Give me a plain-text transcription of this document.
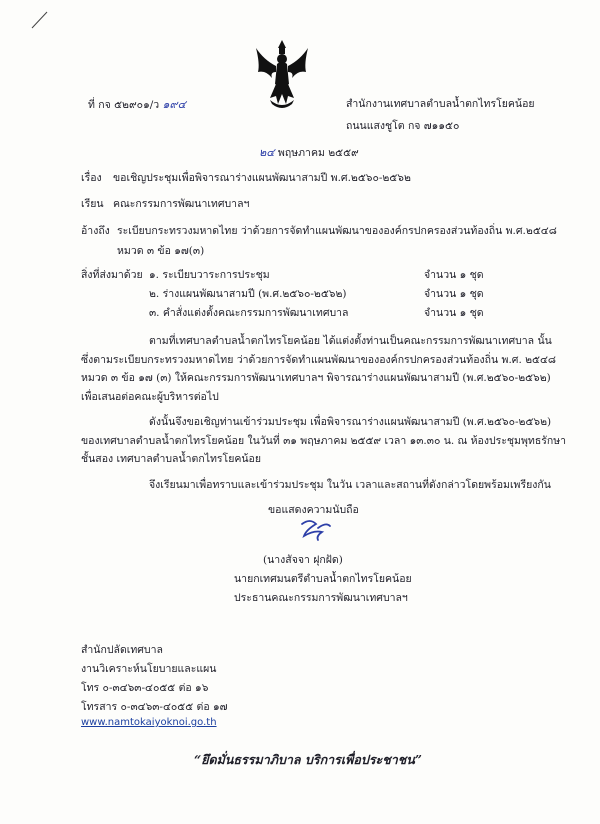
ที่ กจ ๕๒๙๐๑/ว ๑๙๔	สำนักงานเทศบาลตำบลน้ำตกไทรโยคน้อย
ถนนแสงชูโต กจ ๗๑๑๕๐
๒๔ พฤษภาคม ๒๕๕๙
เรื่อง	ขอเชิญประชุมเพื่อพิจารณาร่างแผนพัฒนาสามปี พ.ศ.๒๕๖๐-๒๕๖๒
เรียน คณะกรรมการพัฒนาเทศบาลฯ
อ้างถึง ระเบียบกระทรวงมหาดไทย ว่าด้วยการจัดทำแผนพัฒนาขององค์กรปกครองส่วนท้องถิ่น พ.ศ.๒๕๔๘
หมวด ๓ ข้อ ๑๗(๓)
สิ่งที่ส่งมาด้วย ๑. ระเบียบวาระการประชุม	จำนวน ๑ ชุด
๒. ร่างแผนพัฒนาสามปี (พ.ศ.๒๕๖๐-๒๕๖๒)	จำนวน ๑ ชุด
๓. คำสั่งแต่งตั้งคณะกรรมการพัฒนาเทศบาล	จำนวน ๑ ชุด
ตามที่เทศบาลตำบลน้ำตกไทรโยคน้อย ได้แต่งตั้งท่านเป็นคณะกรรมการพัฒนาเทศบาล นั้น
ซึ่งตามระเบียบกระทรวงมหาดไทย ว่าด้วยการจัดทำแผนพัฒนาขององค์กรปกครองส่วนท้องถิ่น พ.ศ. ๒๕๔๘
หมวด ๓ ข้อ ๑๗ (๓) ให้คณะกรรมการพัฒนาเทศบาลฯ พิจารณาร่างแผนพัฒนาสามปี (พ.ศ.๒๕๖๐-๒๕๖๒)
เพื่อเสนอต่อคณะผู้บริหารต่อไป
ดังนั้นจึงขอเชิญท่านเข้าร่วมประชุม เพื่อพิจารณาร่างแผนพัฒนาสามปี (พ.ศ.๒๕๖๐-๒๕๖๒)
ของเทศบาลตำบลน้ำตกไทรโยคน้อย ในวันที่ ๓๑ พฤษภาคม ๒๕๕๙ เวลา ๑๓.๓๐ น. ณ ห้องประชุมพุทธรักษา
ชั้นสอง เทศบาลตำบลน้ำตกไทรโยคน้อย
จึงเรียนมาเพื่อทราบและเข้าร่วมประชุม ในวัน เวลาและสถานที่ดังกล่าวโดยพร้อมเพรียงกัน
ขอแสดงความนับถือ
(นางสัจจา ฝุกฝัด)
นายกเทศมนตรีตำบลน้ำตกไทรโยคน้อย
ประธานคณะกรรมการพัฒนาเทศบาลฯ
สำนักปลัดเทศบาล
งานวิเคราะห์นโยบายและแผน
โทร ๐-๓๔๖๓-๔๐๕๕ ต่อ ๑๖
โทรสาร ๐-๓๔๖๓-๔๐๕๕ ต่อ ๑๗
www.namtokaiyoknoi.go.th
“ยึดมั่นธรรมาภิบาล บริการเพื่อประชาชน”
